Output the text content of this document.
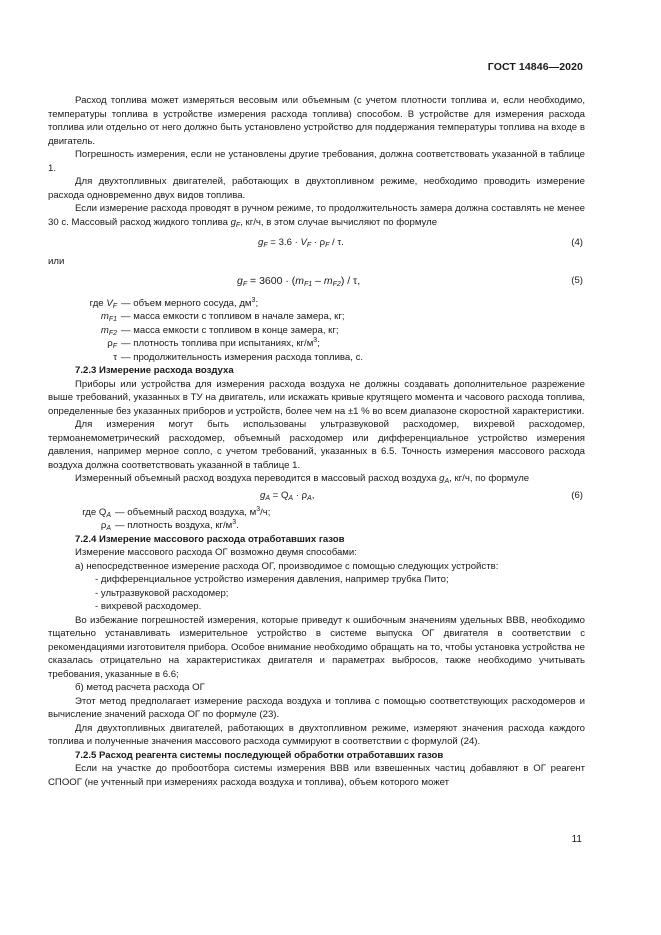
ГОСТ 14846—2020

Расход топлива может измеряться весовым или объемным (с учетом плотности топлива и, если необходимо, температуры топлива в устройстве измерения расхода топлива) способом. В устройстве для измерения расхода топлива или отдельно от него должно быть установлено устройство для поддержания температуры топлива на входе в двигатель.

Погрешность измерения, если не установлены другие требования, должна соответствовать указанной в таблице 1.

Для двухтопливных двигателей, работающих в двухтопливном режиме, необходимо проводить измерение расхода одновременно двух видов топлива.

Если измерение расхода проводят в ручном режиме, то продолжительность замера должна составлять не менее 30 с. Массовый расход жидкого топлива $g_F$, кг/ч, в этом случае вычисляют по формуле

$g_F = 3.6 \cdot V_F \cdot \rho_F / \tau$.	(4)

или

$g_F = 3600 \cdot (m_{F1} - m_{F2}) / \tau$,	(5)
где $V_F$ — объем мерного сосуда, $дм^3$;
$m_{F1}$ — масса емкости с топливом в начале замера, кг;
$m_{F2}$ — масса емкости с топливом в конце замера, кг;
$\rho_F$ — плотность топлива при испытаниях, $кг/м^3$;
τ — продолжительность измерения расхода топлива, с.

7.2.3 Измерение расхода воздуха

Приборы или устройства для измерения расхода воздуха не должны создавать дополнительное разрежение выше требований, указанных в ТУ на двигатель, или искажать кривые крутящего момента и часового расхода топлива, определенные без указанных приборов и устройств, более чем на ±1 % во всем диапазоне скоростной характеристики.

Для измерения могут быть использованы ультразвуковой расходомер, вихревой расходомер, термоанемометрический расходомер, объемный расходомер или дифференциальное устройство измерения давления, например мерное сопло, с учетом требований, указанных в 6.5. Точность измерения массового расхода воздуха должна соответствовать указанной в таблице 1.

Измеренный объемный расход воздуха переводится в массовый расход воздуха $g_A$, кг/ч, по формуле

$g_A = Q_A \cdot \rho_A$,	(6)
где $Q_A$ — объемный расход воздуха, $м^3/ч$;
$\rho_A$ — плотность воздуха, $кг/м^3$.

7.2.4 Измерение массового расхода отработавших газов

Измерение массового расхода ОГ возможно двумя способами:

а) непосредственное измерение расхода ОГ, производимое с помощью следующих устройств:

- дифференциальное устройство измерения давления, например трубка Пито;

- ультразвуковой расходомер;

- вихревой расходомер.

Во избежание погрешностей измерения, которые приведут к ошибочным значениям удельных ВВВ, необходимо тщательно устанавливать измерительное устройство в системе выпуска ОГ двигателя в соответствии с рекомендациями изготовителя прибора. Особое внимание необходимо обращать на то, чтобы установка устройства не сказалась отрицательно на характеристиках двигателя и параметрах выбросов, также необходимо учитывать требования, указанные в 6.6;

б) метод расчета расхода ОГ

Этот метод предполагает измерение расхода воздуха и топлива с помощью соответствующих расходомеров и вычисление значений расхода ОГ по формуле (23).

Для двухтопливных двигателей, работающих в двухтопливном режиме, измеряют значения расхода каждого топлива и полученные значения массового расхода суммируют в соответствии с формулой (24).

7.2.5 Расход реагента системы последующей обработки отработавших газов

Если на участке до пробоотбора системы измерения ВВВ или взвешенных частиц добавляют в ОГ реагент СПООГ (не учтенный при измерениях расхода воздуха и топлива), объем которого может

11
